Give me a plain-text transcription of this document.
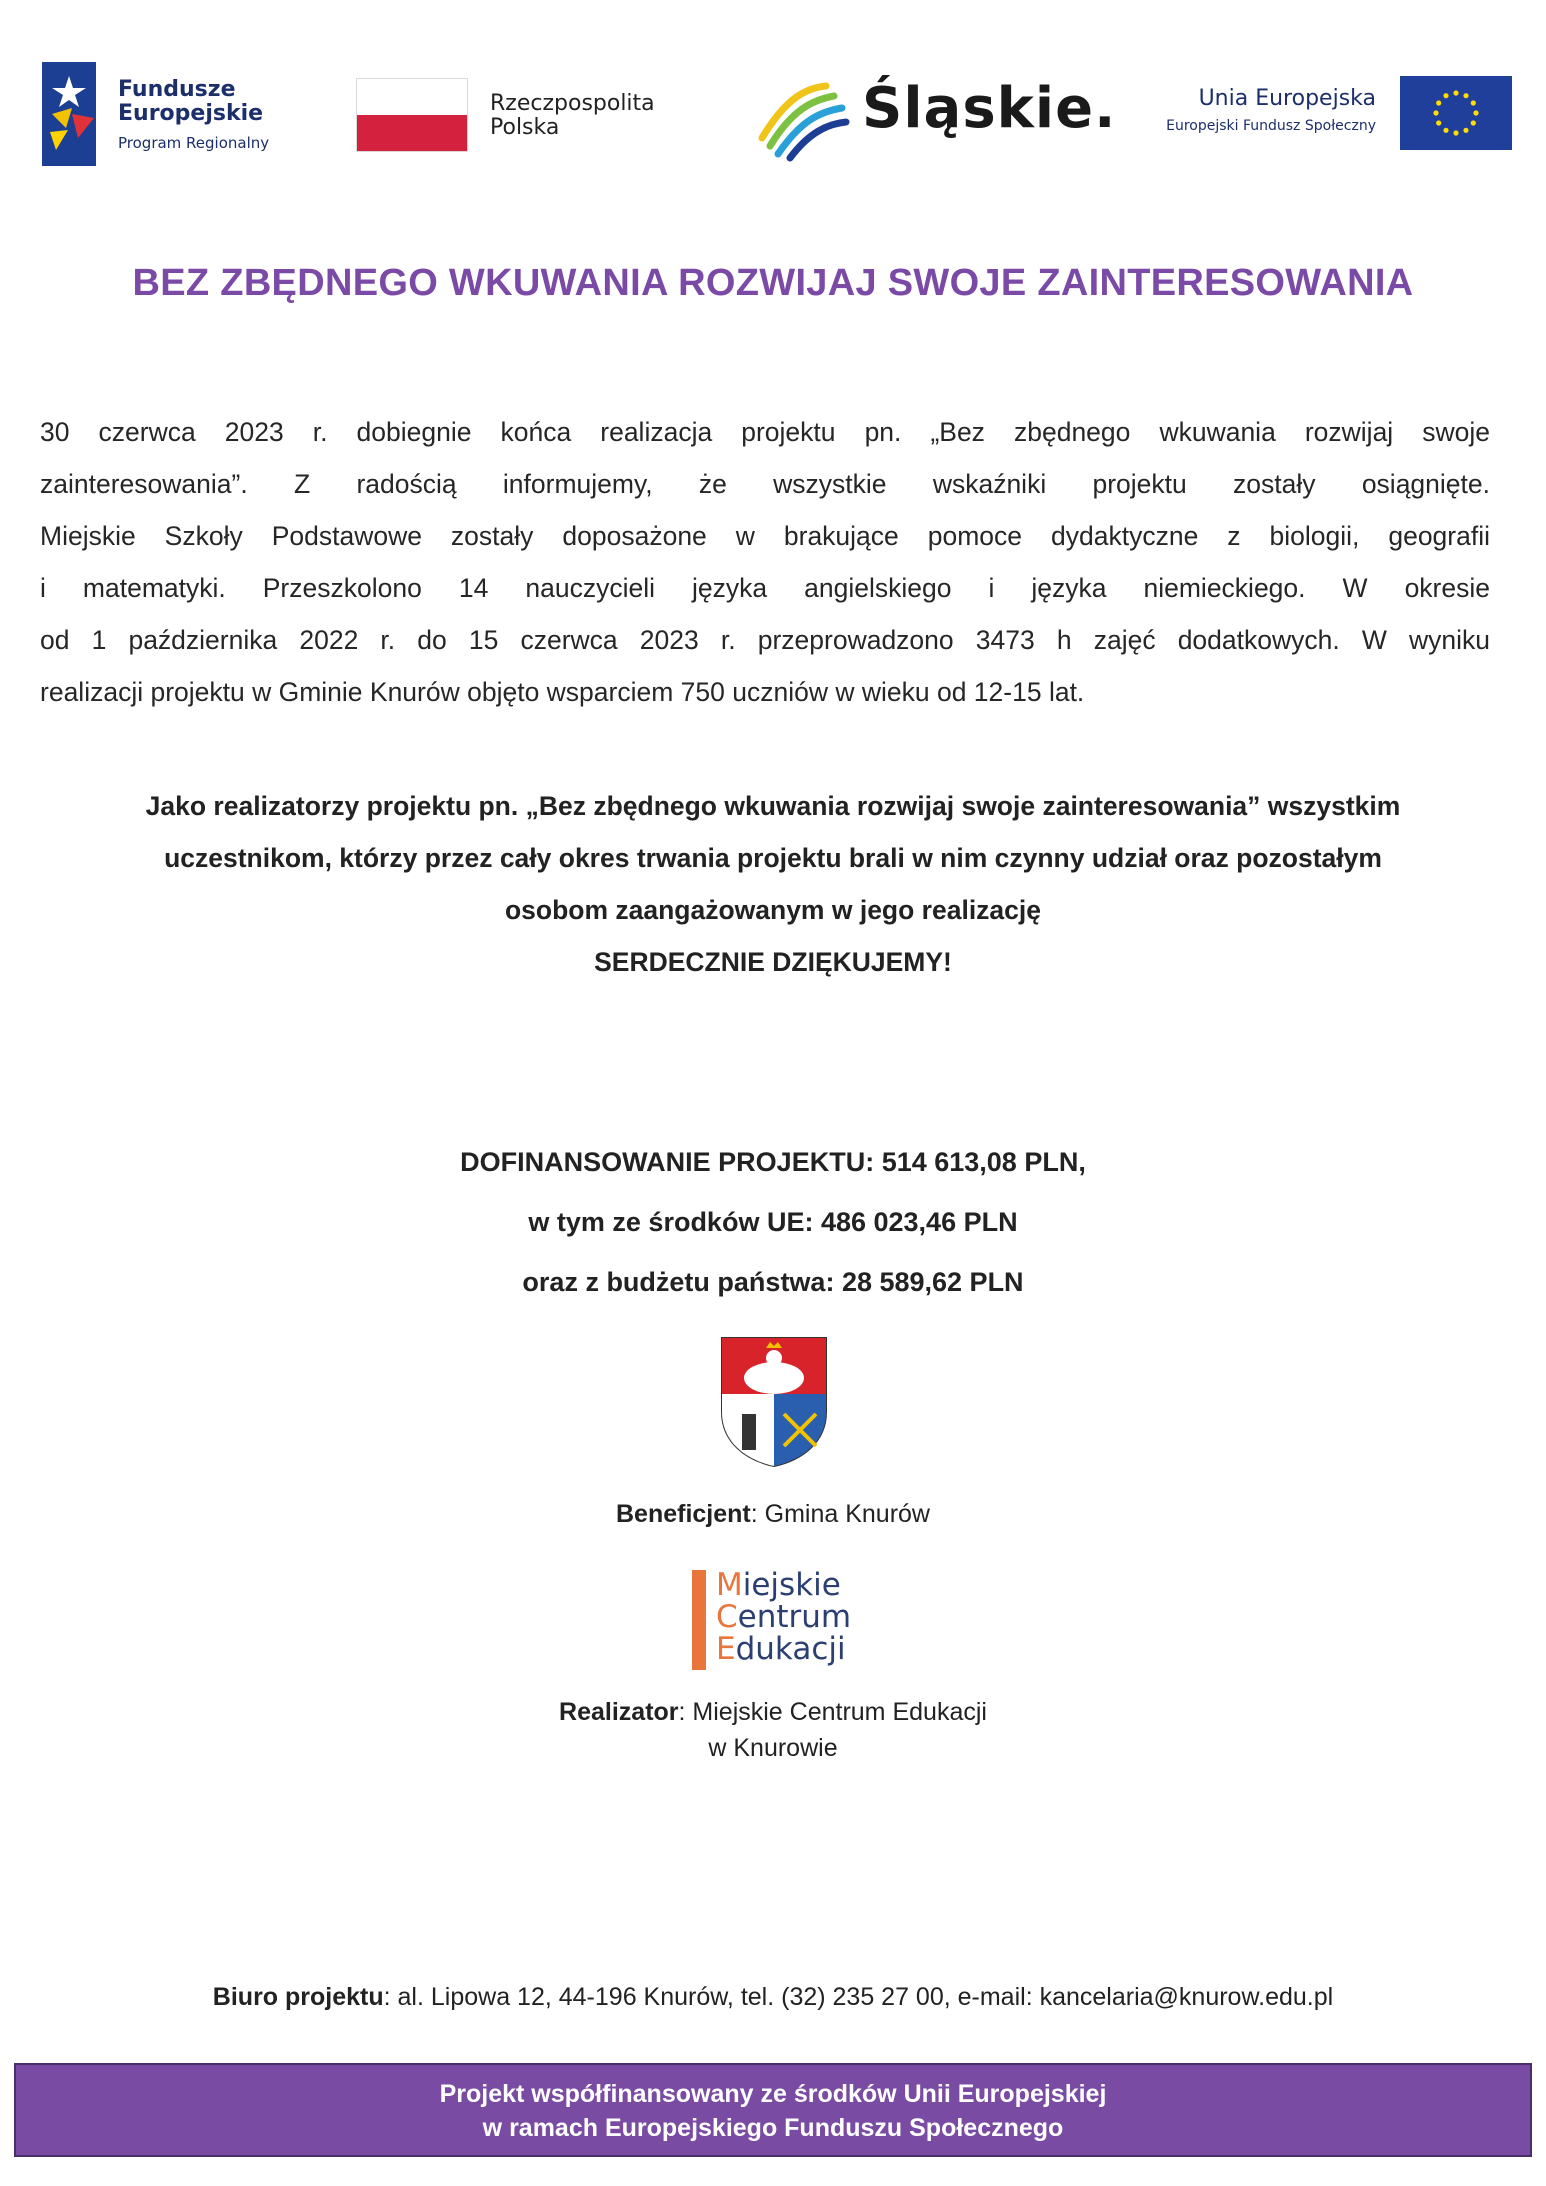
Fundusze
Europejskie
Program Regionalny
Rzeczpospolita
Polska	Śląskie.	Unia Europejska
Europejski Fundusz Społeczny
BEZ ZBĘDNEGO WKUWANIA ROZWIJAJ SWOJE ZAINTERESOWANIA
30 czerwca 2023 r. dobiegnie końca realizacja projektu pn. „Bez zbędnego wkuwania rozwijaj swoje
zainteresowania”. Z radością informujemy, że wszystkie wskaźniki projektu zostały osiągnięte.
Miejskie Szkoły Podstawowe zostały doposażone w brakujące pomoce dydaktyczne z biologii, geografii
i matematyki. Przeszkolono 14 nauczycieli języka angielskiego i języka niemieckiego. W okresie
od 1 października 2022 r. do 15 czerwca 2023 r. przeprowadzono 3473 h zajęć dodatkowych. W wyniku
realizacji projektu w Gminie Knurów objęto wsparciem 750 uczniów w wieku od 12-15 lat.
Jako realizatorzy projektu pn. „Bez zbędnego wkuwania rozwijaj swoje zainteresowania” wszystkim
uczestnikom, którzy przez cały okres trwania projektu brali w nim czynny udział oraz pozostałym
osobom zaangażowanym w jego realizację
SERDECZNIE DZIĘKUJEMY!
DOFINANSOWANIE PROJEKTU: 514 613,08 PLN,
w tym ze środków UE: 486 023,46 PLN
oraz z budżetu państwa: 28 589,62 PLN
Beneficjent: Gmina Knurów
Miejskie
Centrum
Edukacji
Realizator: Miejskie Centrum Edukacji
w Knurowie
Biuro projektu: al. Lipowa 12, 44-196 Knurów, tel. (32) 235 27 00, e-mail: kancelaria@knurow.edu.pl
Projekt współfinansowany ze środków Unii Europejskiej
w ramach Europejskiego Funduszu Społecznego
